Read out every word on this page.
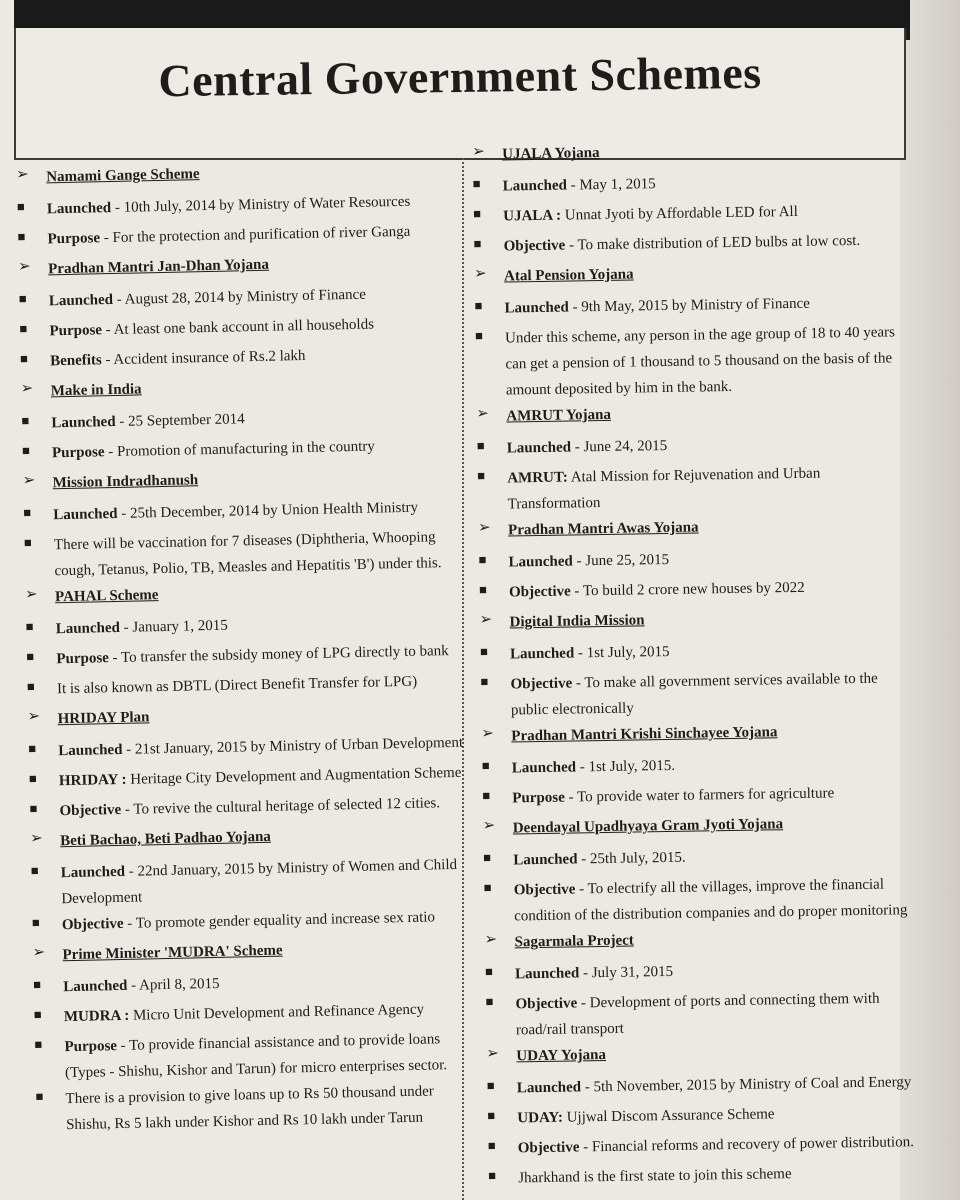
Central Government Schemes
➢	Namami Gange Scheme
■	Launched - 10th July, 2014 by Ministry of Water Resources
■	Purpose - For the protection and purification of river Ganga
➢	Pradhan Mantri Jan-Dhan Yojana
■	Launched - August 28, 2014 by Ministry of Finance
■	Purpose - At least one bank account in all households
■	Benefits - Accident insurance of Rs.2 lakh
➢	Make in India
■	Launched - 25 September 2014
■	Purpose - Promotion of manufacturing in the country
➢	Mission Indradhanush
■	Launched - 25th December, 2014 by Union Health Ministry
■	There will be vaccination for 7 diseases (Diphtheria, Whooping cough, Tetanus, Polio, TB, Measles and Hepatitis 'B') under this.
➢	PAHAL Scheme
■	Launched - January 1, 2015
■	Purpose - To transfer the subsidy money of LPG directly to bank
■	It is also known as DBTL (Direct Benefit Transfer for LPG)
➢	HRIDAY Plan
■	Launched - 21st January, 2015 by Ministry of Urban Development
■	HRIDAY : Heritage City Development and Augmentation Scheme
■	Objective - To revive the cultural heritage of selected 12 cities.
➢	Beti Bachao, Beti Padhao Yojana
■	Launched - 22nd January, 2015 by Ministry of Women and Child Development
■	Objective - To promote gender equality and increase sex ratio
➢	Prime Minister 'MUDRA' Scheme
■	Launched - April 8, 2015
■	MUDRA : Micro Unit Development and Refinance Agency
■	Purpose - To provide financial assistance and to provide loans (Types - Shishu, Kishor and Tarun) for micro enterprises sector.
■	There is a provision to give loans up to Rs 50 thousand under Shishu, Rs 5 lakh under Kishor and Rs 10 lakh under Tarun
➢	UJALA Yojana
■	Launched - May 1, 2015
■	UJALA : Unnat Jyoti by Affordable LED for All
■	Objective - To make distribution of LED bulbs at low cost.
➢	Atal Pension Yojana
■	Launched - 9th May, 2015 by Ministry of Finance
■	Under this scheme, any person in the age group of 18 to 40 years can get a pension of 1 thousand to 5 thousand on the basis of the amount deposited by him in the bank.
➢	AMRUT Yojana
■	Launched - June 24, 2015
■	AMRUT: Atal Mission for Rejuvenation and Urban Transformation
➢	Pradhan Mantri Awas Yojana
■	Launched - June 25, 2015
■	Objective - To build 2 crore new houses by 2022
➢	Digital India Mission
■	Launched - 1st July, 2015
■	Objective - To make all government services available to the public electronically
➢	Pradhan Mantri Krishi Sinchayee Yojana
■	Launched - 1st July, 2015.
■	Purpose - To provide water to farmers for agriculture
➢	Deendayal Upadhyaya Gram Jyoti Yojana
■	Launched - 25th July, 2015.
■	Objective - To electrify all the villages, improve the financial condition of the distribution companies and do proper monitoring
➢	Sagarmala Project
■	Launched - July 31, 2015
■	Objective - Development of ports and connecting them with road/rail transport
➢	UDAY Yojana
■	Launched - 5th November, 2015 by Ministry of Coal and Energy
■	UDAY: Ujjwal Discom Assurance Scheme
■	Objective - Financial reforms and recovery of power distribution.
■	Jharkhand is the first state to join this scheme
